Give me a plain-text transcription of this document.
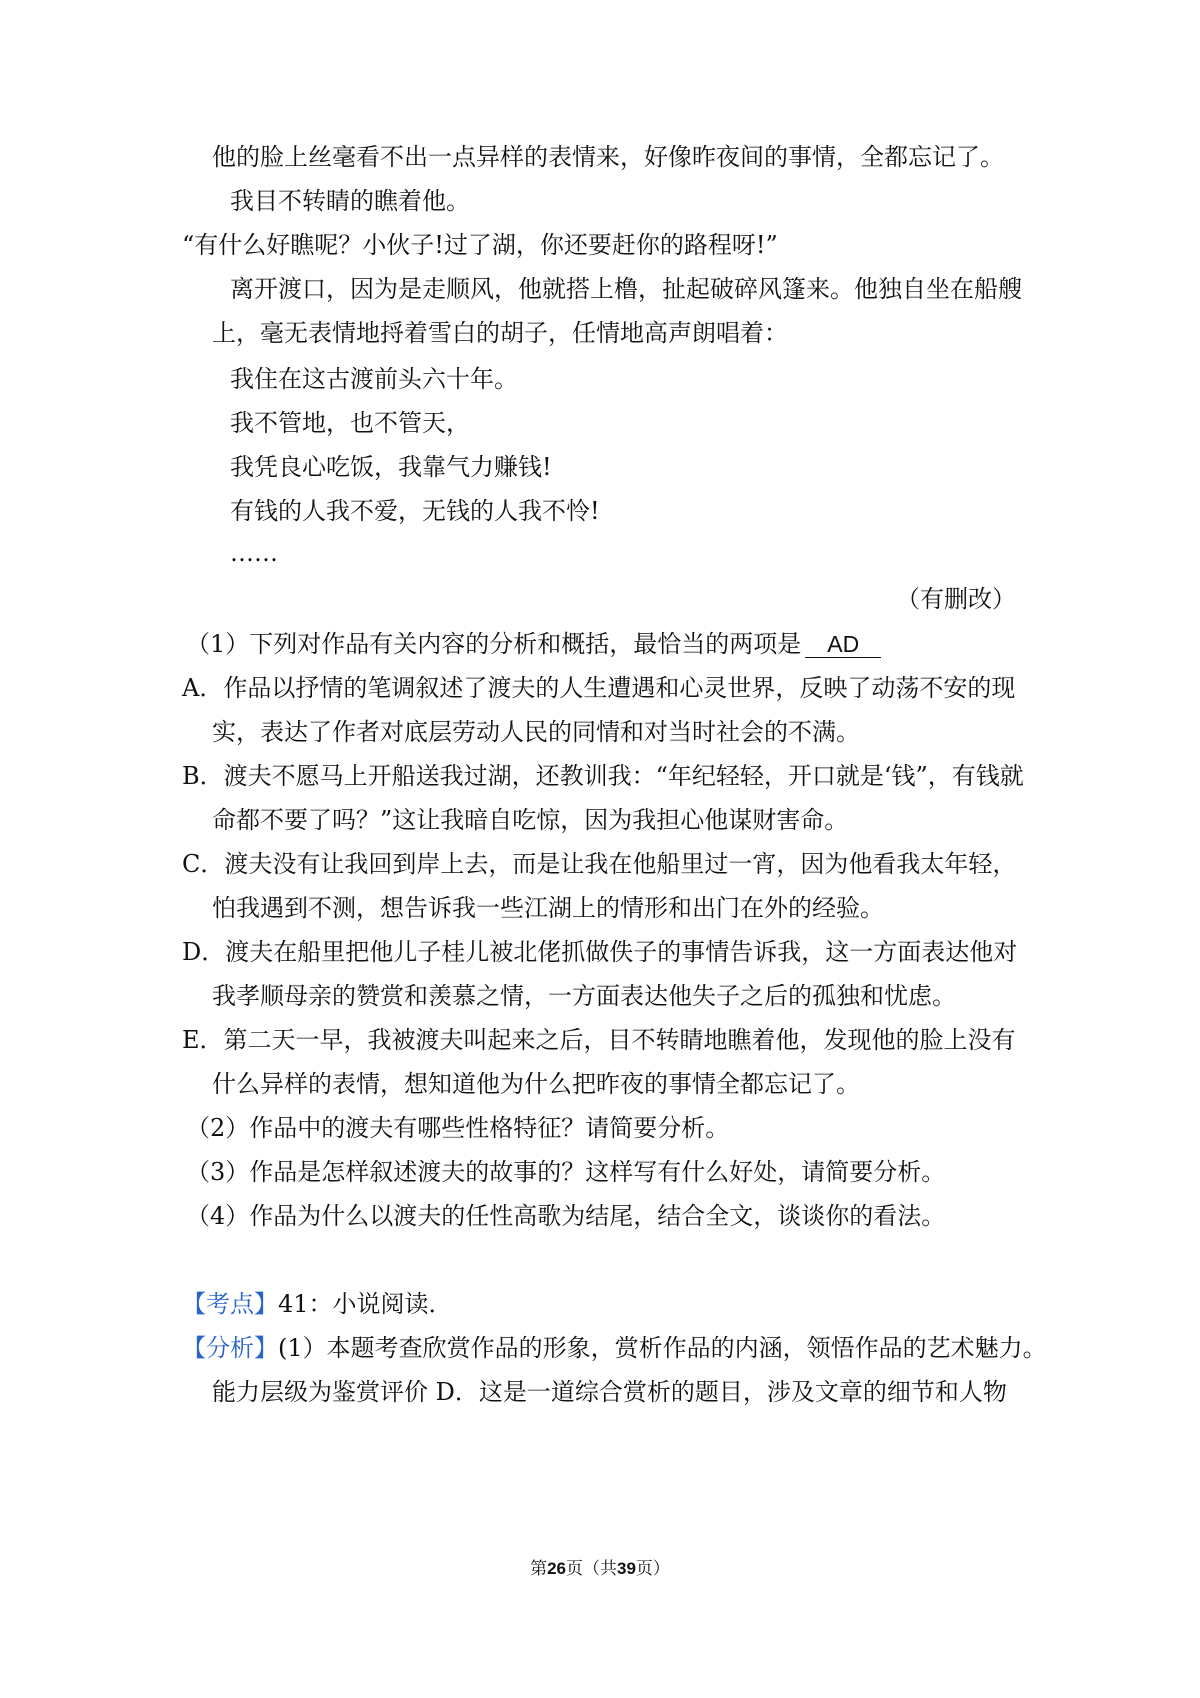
他的脸上丝毫看不出一点异样的表情来，好像昨夜间的事情，全都忘记了。
我目不转睛的瞧着他。
“有什么好瞧呢？小伙子!过了湖，你还要赶你的路程呀!”
离开渡口，因为是走顺风，他就搭上橹，扯起破碎风篷来。他独自坐在船艘
上，毫无表情地捋着雪白的胡子，任情地高声朗唱着：
我住在这古渡前头六十年。
我不管地，也不管天，
我凭良心吃饭，我靠气力赚钱!
有钱的人我不爱，无钱的人我不怜!
……
（有删改）
（1）下列对作品有关内容的分析和概括，最恰当的两项是 AD
A．作品以抒情的笔调叙述了渡夫的人生遭遇和心灵世界，反映了动荡不安的现
实，表达了作者对底层劳动人民的同情和对当时社会的不满。
B．渡夫不愿马上开船送我过湖，还教训我：“年纪轻轻，开口就是‘钱”，有钱就
命都不要了吗？”这让我暗自吃惊，因为我担心他谋财害命。
C．渡夫没有让我回到岸上去，而是让我在他船里过一宵，因为他看我太年轻，
怕我遇到不测，想告诉我一些江湖上的情形和出门在外的经验。
D．渡夫在船里把他儿子桂儿被北佬抓做佚子的事情告诉我，这一方面表达他对
我孝顺母亲的赞赏和羡慕之情，一方面表达他失子之后的孤独和忧虑。
E．第二天一早，我被渡夫叫起来之后，目不转睛地瞧着他，发现他的脸上没有
什么异样的表情，想知道他为什么把昨夜的事情全都忘记了。
（2）作品中的渡夫有哪些性格特征？请简要分析。
（3）作品是怎样叙述渡夫的故事的？这样写有什么好处，请简要分析。
（4）作品为什么以渡夫的任性高歌为结尾，结合全文，谈谈你的看法。
【考点】41：小说阅读．
【分析】(1）本题考查欣赏作品的形象，赏析作品的内涵，领悟作品的艺术魅力。
能力层级为鉴赏评价 D．这是一道综合赏析的题目，涉及文章的细节和人物
第26页（共39页）
